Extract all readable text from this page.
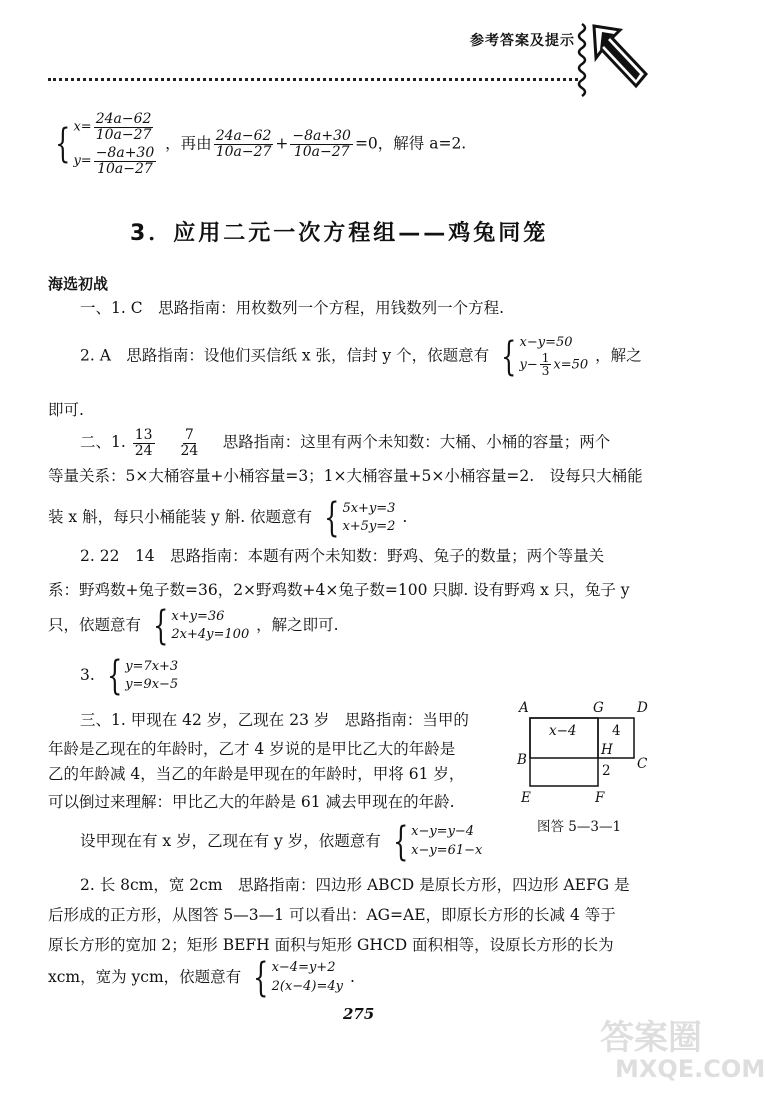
参考答案及提示
{ $x= \frac{24a-62}{10a-27}$
$y= \frac{-8a+30}{10a-27}$
，再由 $\frac{24a-62}{10a-27} + \frac{-8a+30}{10a-27} =0$，解得 a=2.
3．应用二元一次方程组——鸡兔同笼
海选初战
一、1. C　思路指南：用枚数列一个方程，用钱数列一个方程.
2. A　思路指南：设他们买信纸 x 张，信封 y 个，依题意有 { x−y=50
$y- \frac{1}{3} x=50$
，解之
即可.
二、1. $\frac{13}{24}$
$\frac{7}{24}$ 　思路指南：这里有两个未知数：大桶、小桶的容量；两个
等量关系：5×大桶容量+小桶容量=3；1×大桶容量+5×小桶容量=2.　设每只大桶能
装 x 斛，每只小桶能装 y 斛. 依题意有 { 5x+y=3
x+5y=2
.
2. 22　14　思路指南：本题有两个未知数：野鸡、兔子的数量；两个等量关
系：野鸡数+兔子数=36，2×野鸡数+4×兔子数=100 只脚. 设有野鸡 x 只，兔子 y
只，依题意有 { x+y=36
2x+4y=100
，解之即可.
3. { y=7x+3
y=9x−5
三、1. 甲现在 42 岁，乙现在 23 岁　思路指南：当甲的
年龄是乙现在的年龄时，乙才 4 岁说的是甲比乙大的年龄是
乙的年龄减 4，当乙的年龄是甲现在的年龄时，甲将 61 岁，
可以倒过来理解：甲比乙大的年龄是 61 减去甲现在的年龄.
设甲现在有 x 岁，乙现在有 y 岁，依题意有 { x−y=y−4
x−y=61−x
A	G D
B
H
C
E	F
x−4	4
2
图答 5—3—1
2. 长 8cm，宽 2cm　思路指南：四边形 ABCD 是原长方形，四边形 AEFG 是
后形成的正方形，从图答 5—3—1 可以看出：AG=AE，即原长方形的长减 4 等于
原长方形的宽加 2；矩形 BEFH 面积与矩形 GHCD 面积相等，设原长方形的长为
xcm，宽为 ycm，依题意有 { x−4=y+2
2(x−4)=4y
.
275
答案圈
MXQE.COM
